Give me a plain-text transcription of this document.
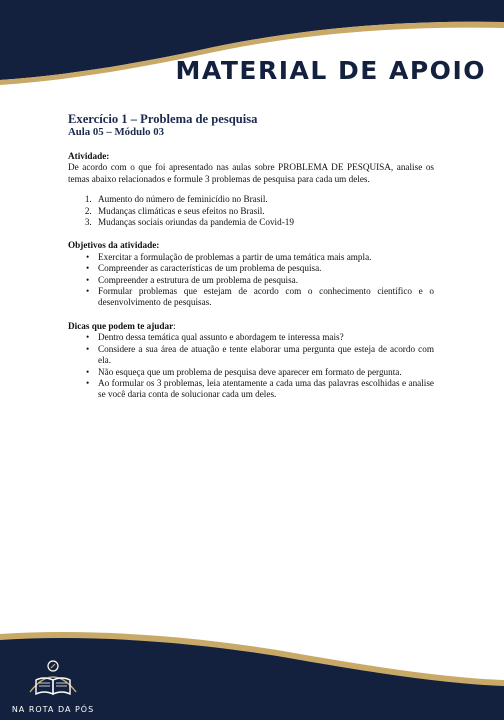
MATERIAL DE APOIO
Exercício 1 – Problema de pesquisa
Aula 05 – Módulo 03
Atividade:

De acordo com o que foi apresentado nas aulas sobre PROBLEMA DE PESQUISA, analise os temas abaixo relacionados e formule 3 problemas de pesquisa para cada um deles.

1. Aumento do número de feminicídio no Brasil.
2. Mudanças climáticas e seus efeitos no Brasil.
3. Mudanças sociais oriundas da pandemia de Covid-19
Objetivos da atividade:
• Exercitar a formulação de problemas a partir de uma temática mais ampla.
• Compreender as características de um problema de pesquisa.
• Compreender a estrutura de um problema de pesquisa.
• Formular problemas que estejam de acordo com o conhecimento científico e o desenvolvimento de pesquisas.
Dicas que podem te ajudar:
• Dentro dessa temática qual assunto e abordagem te interessa mais?
• Considere a sua área de atuação e tente elaborar uma pergunta que esteja de acordo com ela.
• Não esqueça que um problema de pesquisa deve aparecer em formato de pergunta.
• Ao formular os 3 problemas, leia atentamente a cada uma das palavras escolhidas e analise se você daria conta de solucionar cada um deles.
NA ROTA DA PÓS
